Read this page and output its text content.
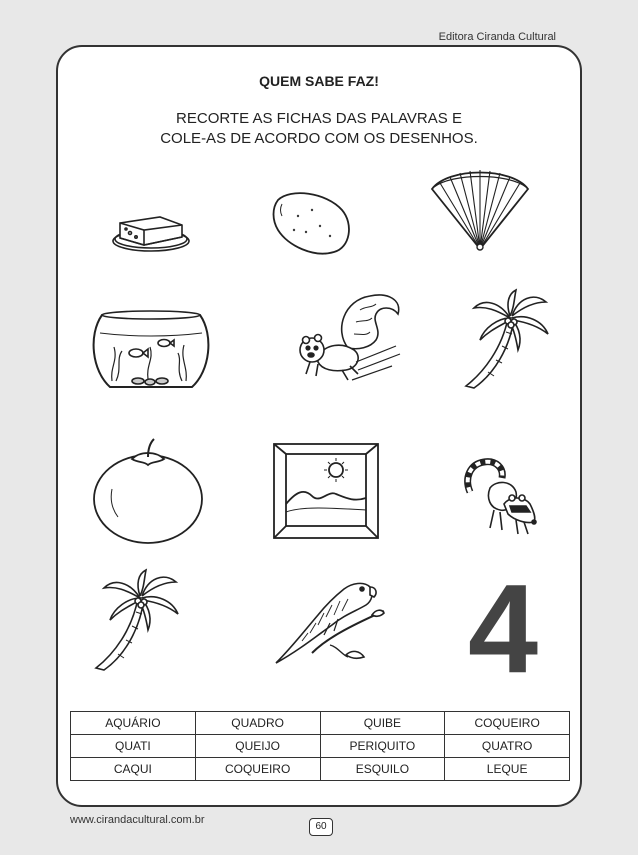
Editora Ciranda Cultural
QUEM SABE FAZ!
RECORTE AS FICHAS DAS PALAVRAS E
COLE-AS DE ACORDO COM OS DESENHOS.
4
AQUÁRIO	QUADRO	QUIBE	COQUEIRO
QUATI	QUEIJO	PERIQUITO	QUATRO
CAQUI	COQUEIRO	ESQUILO	LEQUE
www.cirandacultural.com.br
60
